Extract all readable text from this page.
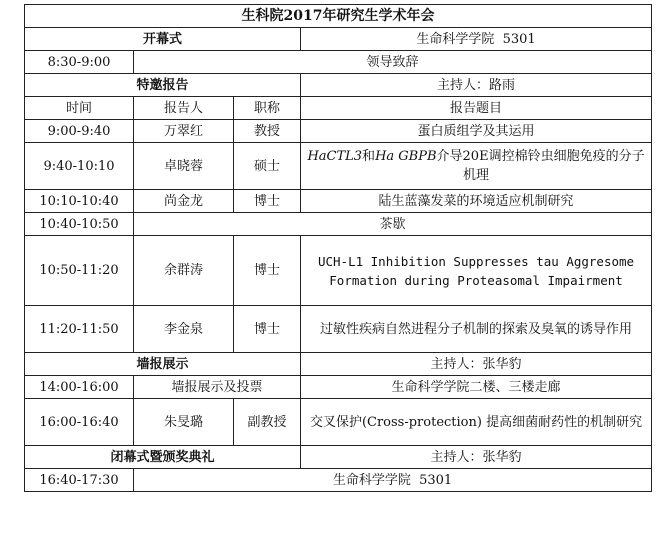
生科院2017年研究生学术年会			
开幕式			生命科学学院  5301
8:30-9:00	领导致辞		
特邀报告			主持人：路雨
时间	报告人	职称	报告题目
9:00-9:40	万翠红	教授	蛋白质组学及其运用
9:40-10:10	卓晓蓉	硕士	HaCTL3和Ha GBPB介导20E调控棉铃虫细胞免疫的分子机理
10:10-10:40	尚金龙	博士	陆生蓝藻发菜的环境适应机制研究
10:40-10:50	茶歇		
10:50-11:20	余群涛	博士	UCH-L1 Inhibition Suppresses tau Aggresome Formation during Proteasomal Impairment
11:20-11:50	李金泉	博士	过敏性疾病自然进程分子机制的探索及臭氧的诱导作用
墙报展示			主持人：张华豹
14:00-16:00	墙报展示及投票		生命科学学院二楼、三楼走廊
16:00-16:40	朱旻璐	副教授	交叉保护(Cross-protection) 提高细菌耐药性的机制研究
闭幕式暨颁奖典礼			主持人：张华豹
16:40-17:30	生命科学学院  5301		
